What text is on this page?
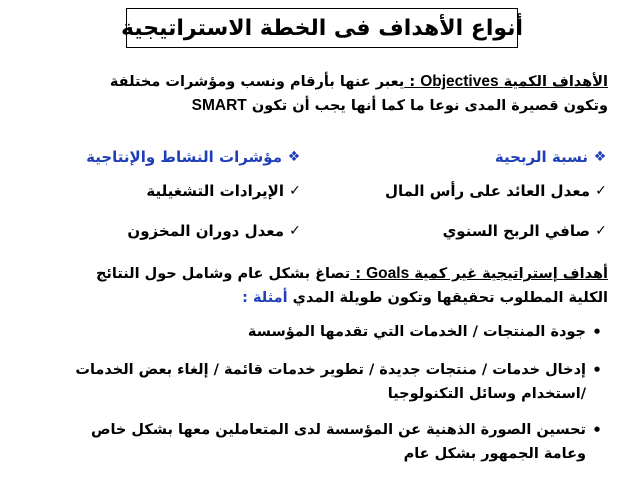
أنواع الأهداف فى الخطة الاستراتيجية
الأهداف الكمية Objectives : يعبر عنها بأرقام ونسب ومؤشرات مختلفة
وتكون قصيرة المدى نوعا ما كما أنها يجب أن تكون SMART
❖
نسبة الربحية
❖
مؤشرات النشاط والإنتاجية
✓
معدل العائد على رأس المال
✓
الإيرادات التشغيلية
✓
صافي الربح السنوي
✓
معدل دوران المخزون
أهداف إستراتيجية غير كمية Goals : تصاغ بشكل عام وشامل حول النتائج
الكلية المطلوب تحقيقها وتكون طويلة المدي أمثلة :
•
جودة المنتجات / الخدمات التي تقدمها المؤسسة
•
إدخال خدمات / منتجات جديدة / تطوير خدمات قائمة / إلغاء بعض الخدمات
/استخدام وسائل التكنولوجيا
•
تحسين الصورة الذهنية عن المؤسسة لدى المتعاملين معها بشكل خاص
وعامة الجمهور بشكل عام
